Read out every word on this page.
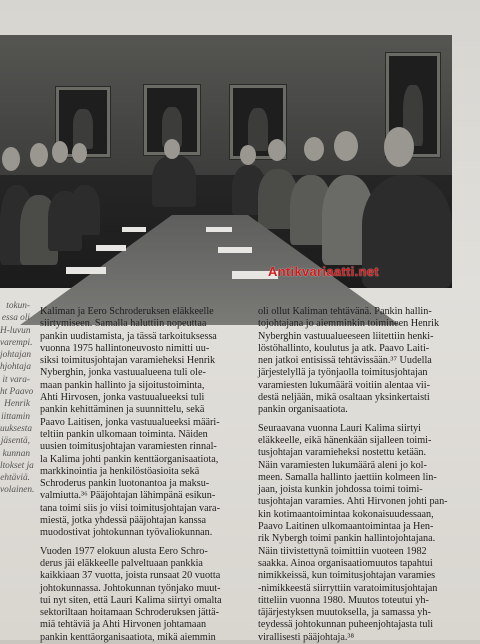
Antikvariaatti.net
tokun-
essa oli
H-luvun
varempi.
johtajan
hjohtaja
it vara-
ht Paavo
Henrik
iittamin
uuksesta
jäsentä,
kunnan
ltokset ja
ehtäviä.
volainen.
Kaliman ja Eero Schroderuksen eläkkeelle
siirtymiseen. Samalla haluttiin nopeuttaa
pankin uudistamista, ja tässä tarkoituksessa
vuonna 1975 hallintoneuvosto nimitti uu-
siksi toimitusjohtajan varamieheksi Henrik
Nyberghin, jonka vastuualueena tuli ole-
maan pankin hallinto ja sijoitustoiminta,
Ahti Hirvosen, jonka vastuualueeksi tuli
pankin kehittäminen ja suunnittelu, sekä
Paavo Laitisen, jonka vastuualueeksi määri-
teltiin pankin ulkomaan toiminta. Näiden
uusien toimitusjohtajan varamiesten rinnal-
la Kalima johti pankin kenttäorganisaatiota,
markkinointia ja henkilöstöasioita sekä
Schroderus pankin luotonantoa ja maksu-
valmiutta.³⁶ Pääjohtajan lähimpänä esikun-
tana toimi siis jo viisi toimitusjohtajan vara-
miestä, jotka yhdessä pääjohtajan kanssa
muodostivat johtokunnan työvaliokunnan.
Vuoden 1977 elokuun alusta Eero Schro-
derus jäi eläkkeelle palveltuaan pankkia
kaikkiaan 37 vuotta, joista runsaat 20 vuotta
johtokunnassa. Johtokunnan työnjako muut-
tui nyt siten, että Lauri Kalima siirtyi omalta
sektoriltaan hoitamaan Schroderuksen jättä-
miä tehtäviä ja Ahti Hirvonen johtamaan
pankin kenttäorganisaatiota, mikä aiemmin
oli ollut Kaliman tehtävänä. Pankin hallin-
tojohtajana jo aiemminkin toimineen Henrik
Nyberghin vastuualueeseen liitettiin henki-
löstöhallinto, koulutus ja atk. Paavo Laiti-
nen jatkoi entisissä tehtävissään.³⁷ Uudella
järjestelyllä ja työnjaolla toimitusjohtajan
varamiesten lukumäärä voitiin alentaa vii-
destä neljään, mikä osaltaan yksinkertaisti
pankin organisaatiota.
Seuraavana vuonna Lauri Kalima siirtyi
eläkkeelle, eikä hänenkään sijalleen toimi-
tusjohtajan varamieheksi nostettu ketään.
Näin varamiesten lukumäärä aleni jo kol-
meen. Samalla hallinto jaettiin kolmeen lin-
jaan, joista kunkin johdossa toimi toimi-
tusjohtajan varamies. Ahti Hirvonen johti pan-
kin kotimaantoimintaa kokonaisuudessaan,
Paavo Laitinen ulkomaantoimintaa ja Hen-
rik Nybergh toimi pankin hallintojohtajana.
Näin tiivistettynä toimittiin vuoteen 1982
saakka. Ainoa organisaatiomuutos tapahtui
nimikkeissä, kun toimitusjohtajan varamies
-nimikkeestä siirryttiin varatoimitusjohtajan
titteliin vuonna 1980. Muutos toteutui yh-
täjärjestyksen muutoksella, ja samassa yh-
teydessä johtokunnan puheenjohtajasta tuli
virallisesti pääjohtaja.³⁸
